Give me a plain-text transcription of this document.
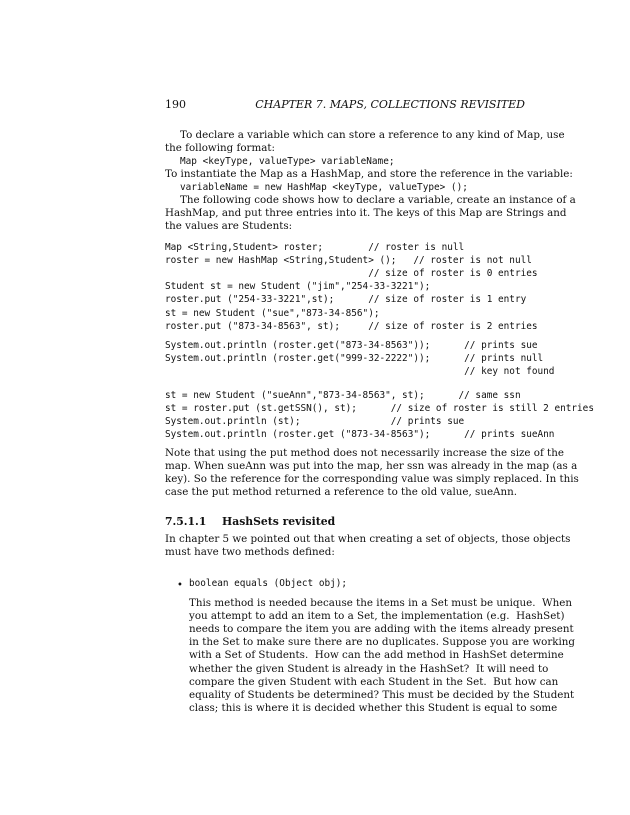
190	CHAPTER 7. MAPS, COLLECTIONS REVISITED
To declare a variable which can store a reference to any kind of Map, use
the following format:
Map <keyType, valueType> variableName;
To instantiate the Map as a HashMap, and store the reference in the variable:
variableName = new HashMap <keyType, valueType> ();
The following code shows how to declare a variable, create an instance of a
HashMap, and put three entries into it. The keys of this Map are Strings and
the values are Students:
Map <String,Student> roster;        // roster is null
roster = new HashMap <String,Student> ();   // roster is not null
// size of roster is 0 entries
Student st = new Student ("jim","254-33-3221");
roster.put ("254-33-3221",st);      // size of roster is 1 entry
st = new Student ("sue","873-34-856");
roster.put ("873-34-8563", st);     // size of roster is 2 entries
System.out.println (roster.get("873-34-8563"));      // prints sue
System.out.println (roster.get("999-32-2222"));      // prints null
// key not found
st = new Student ("sueAnn","873-34-8563", st);      // same ssn
st = roster.put (st.getSSN(), st);      // size of roster is still 2 entries
System.out.println (st);                // prints sue
System.out.println (roster.get ("873-34-8563");      // prints sueAnn
Note that using the put method does not necessarily increase the size of the
map. When sueAnn was put into the map, her ssn was already in the map (as a
key). So the reference for the corresponding value was simply replaced. In this
case the put method returned a reference to the old value, sueAnn.
In chapter 5 we pointed out that when creating a set of objects, those objects
must have two methods defined:
boolean equals (Object obj);
This method is needed because the items in a Set must be unique.  When
you attempt to add an item to a Set, the implementation (e.g.  HashSet)
needs to compare the item you are adding with the items already present
in the Set to make sure there are no duplicates. Suppose you are working
with a Set of Students.  How can the add method in HashSet determine
whether the given Student is already in the HashSet?  It will need to
compare the given Student with each Student in the Set.  But how can
equality of Students be determined? This must be decided by the Student
class; this is where it is decided whether this Student is equal to some
7.5.1.1 HashSets revisited
•
